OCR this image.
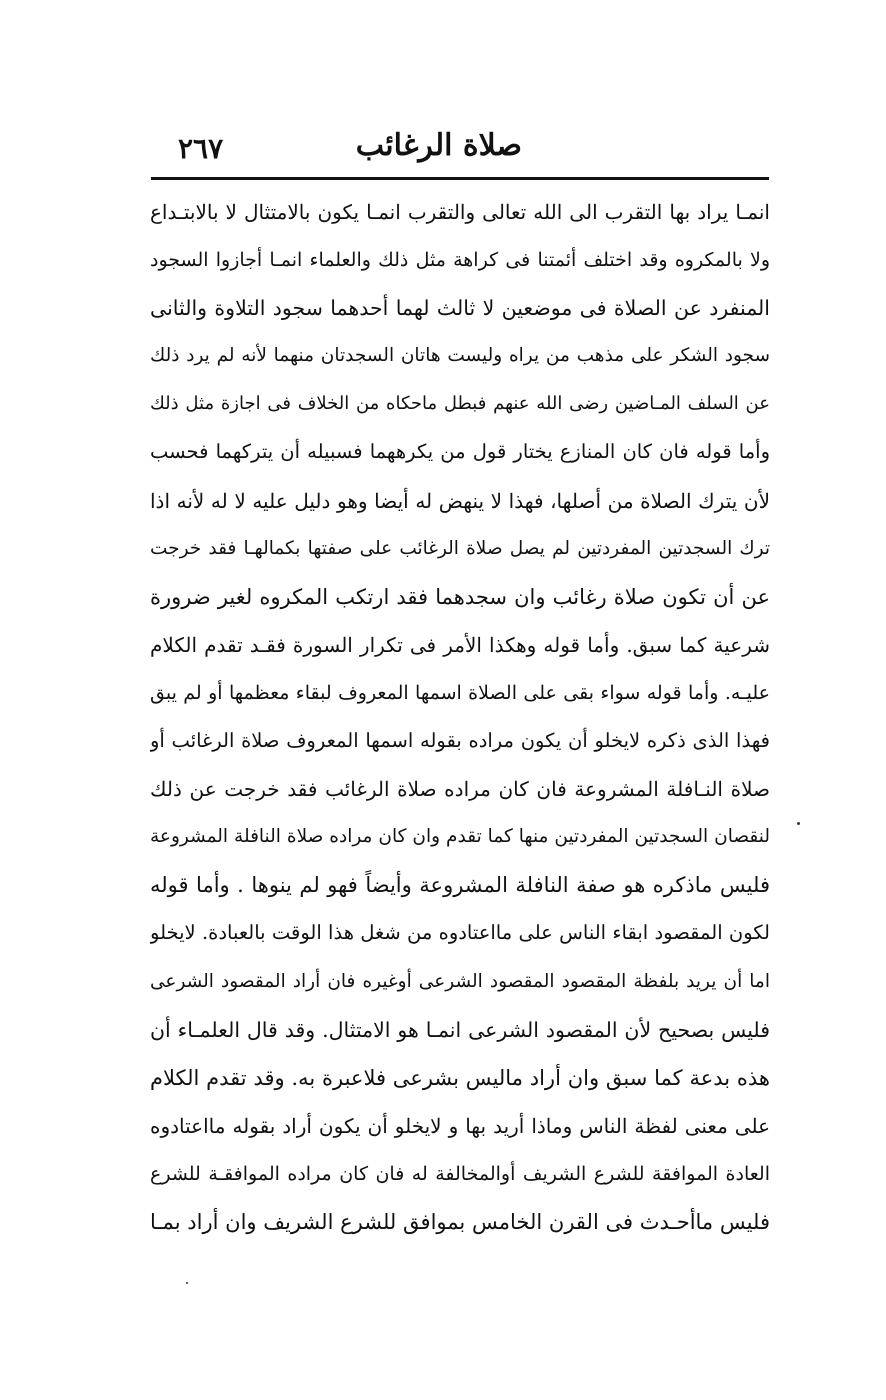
صلاة الرغائب
٢٦٧
انمـا يراد بها التقرب الى الله تعالى والتقرب انمـا يكون بالامتثال لا بالابتـداع
ولا بالمكروه وقد اختلف أئمتنا فى كراهة مثل ذلك والعلماء انمـا أجازوا السجود
المنفرد عن الصلاة فى موضعين لا ثالث لهما أحدهما سجود التلاوة والثانى
سجود الشكر على مذهب من يراه وليست هاتان السجدتان منهما لأنه لم يرد ذلك
عن السلف المـاضين رضى الله عنهم فبطل ماحكاه من الخلاف فى اجازة مثل ذلك
وأما قوله فان كان المنازع يختار قول من يكرههما فسبيله أن يتركهما فحسب
لأن يترك الصلاة من أصلها، فهذا لا ينهض له أيضا وهو دليل عليه لا له لأنه اذا
ترك السجدتين المفردتين لم يصل صلاة الرغائب على صفتها بكمالهـا فقد خرجت
عن أن تكون صلاة رغائب وان سجدهما فقد ارتكب المكروه لغير ضرورة
شرعية كما سبق. وأما قوله وهكذا الأمر فى تكرار السورة فقـد تقدم الكلام
عليـه. وأما قوله سواء بقى على الصلاة اسمها المعروف لبقاء معظمها أو لم يبق
فهذا الذى ذكره لايخلو أن يكون مراده بقوله اسمها المعروف صلاة الرغائب أو
صلاة النـافلة المشروعة فان كان مراده صلاة الرغائب فقد خرجت عن ذلك
لنقصان السجدتين المفردتين منها كما تقدم وان كان مراده صلاة النافلة المشروعة
فليس ماذكره هو صفة النافلة المشروعة وأيضاً فهو لم ينوها . وأما قوله
لكون المقصود ابقاء الناس على مااعتادوه من شغل هذا الوقت بالعبادة. لايخلو
اما أن يريد بلفظة المقصود المقصود الشرعى أوغيره فان أراد المقصود الشرعى
فليس بصحيح لأن المقصود الشرعى انمـا هو الامتثال. وقد قال العلمـاء أن
هذه بدعة كما سبق وان أراد ماليس بشرعى فلاعبرة به. وقد تقدم الكلام
على معنى لفظة الناس وماذا أريد بها و لايخلو أن يكون أراد بقوله مااعتادوه
العادة الموافقة للشرع الشريف أوالمخالفة له فان كان مراده الموافقـة للشرع
فليس ماأحـدث فى القرن الخامس بموافق للشرع الشريف وان أراد بمـا
